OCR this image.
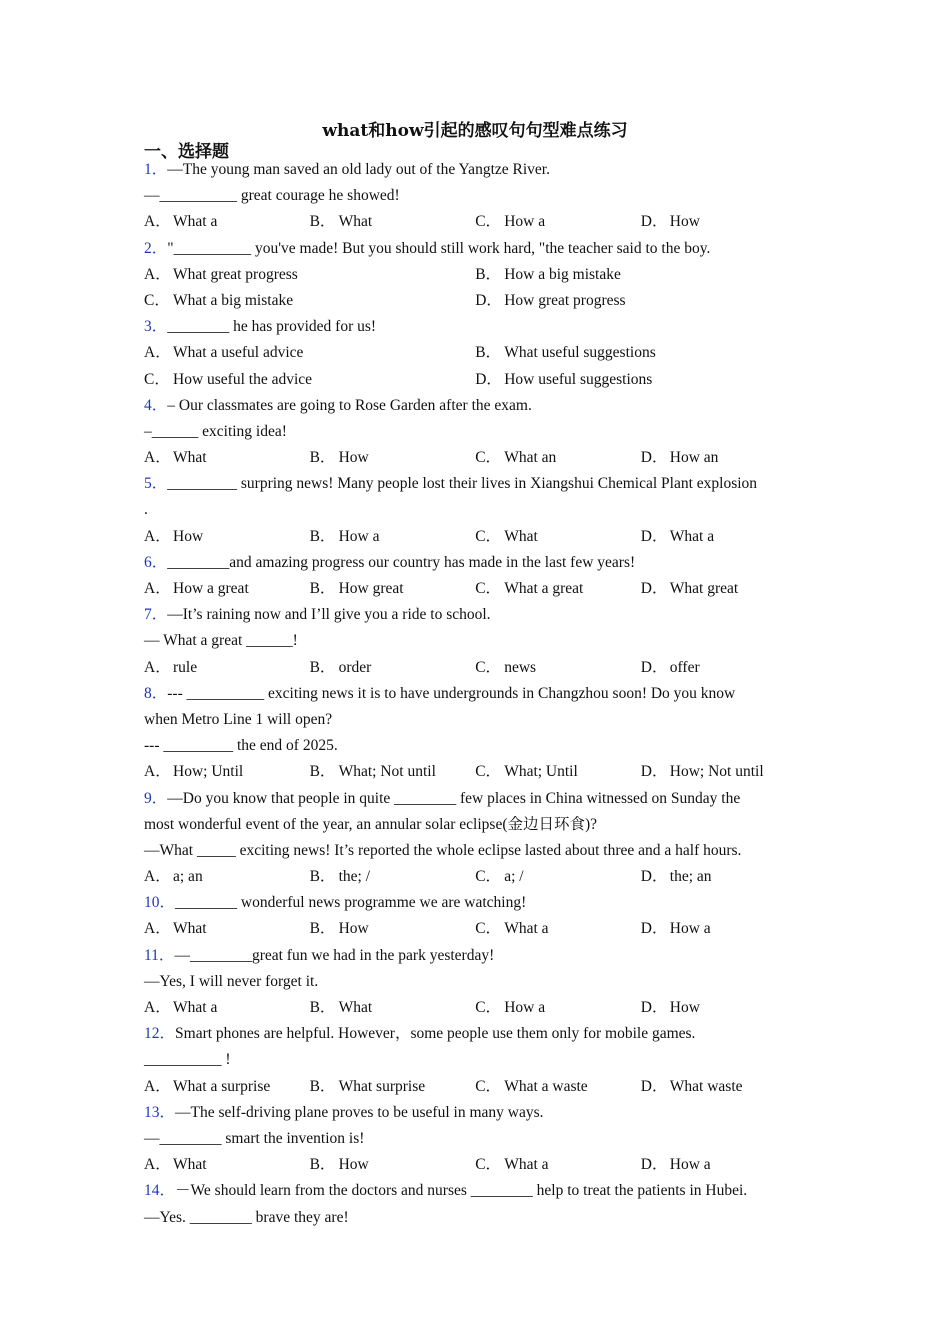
what和how引起的感叹句句型难点练习
一、选择题
1．—The young man saved an old lady out of the Yangtze River.
—__________ great courage he showed!
A． What a	B． What	C． How a	D． How
2．"__________ you've made! But you should still work hard, "the teacher said to the boy.
A． What great progress	B． How a big mistake
C． What a big mistake	D． How great progress
3．________ he has provided for us!
A． What a useful advice	B． What useful suggestions
C． How useful the advice	D． How useful suggestions
4．– Our classmates are going to Rose Garden after the exam.
–______ exciting idea!
A． What	B． How	C． What an	D． How an
5．_________ surpring news! Many people lost their lives in Xiangshui Chemical Plant explosion
.
A． How	B． How a	C． What	D． What a
6．________and amazing progress our country has made in the last few years!
A． How a great	B． How great	C． What a great	D． What great
7．—It’s raining now and I’ll give you a ride to school.
— What a great ______!
A． rule	B． order	C． news	D． offer
8．--- __________ exciting news it is to have undergrounds in Changzhou soon! Do you know
when Metro Line 1 will open?
--- _________ the end of 2025.
A． How; Until	B． What; Not until	C． What; Until	D． How; Not until
9．—Do you know that people in quite ________ few places in China witnessed on Sunday the
most wonderful event of the year, an annular solar eclipse(金边日环食)?
—What _____ exciting news! It’s reported the whole eclipse lasted about three and a half hours.
A． a; an	B． the; /	C． a; /	D． the; an
10．________ wonderful news programme we are watching!
A． What	B． How	C． What a	D． How a
11．—________great fun we had in the park yesterday!
—Yes, I will never forget it.
A． What a	B． What	C． How a	D． How
12．Smart phones are helpful. However，some people use them only for mobile games.
__________ !
A． What a surprise	B． What surprise	C． What a waste	D． What waste
13．—The self-driving plane proves to be useful in many ways.
—________ smart the invention is!
A． What	B． How	C． What a	D． How a
14．－We should learn from the doctors and nurses ________ help to treat the patients in Hubei.
—Yes. ________ brave they are!
